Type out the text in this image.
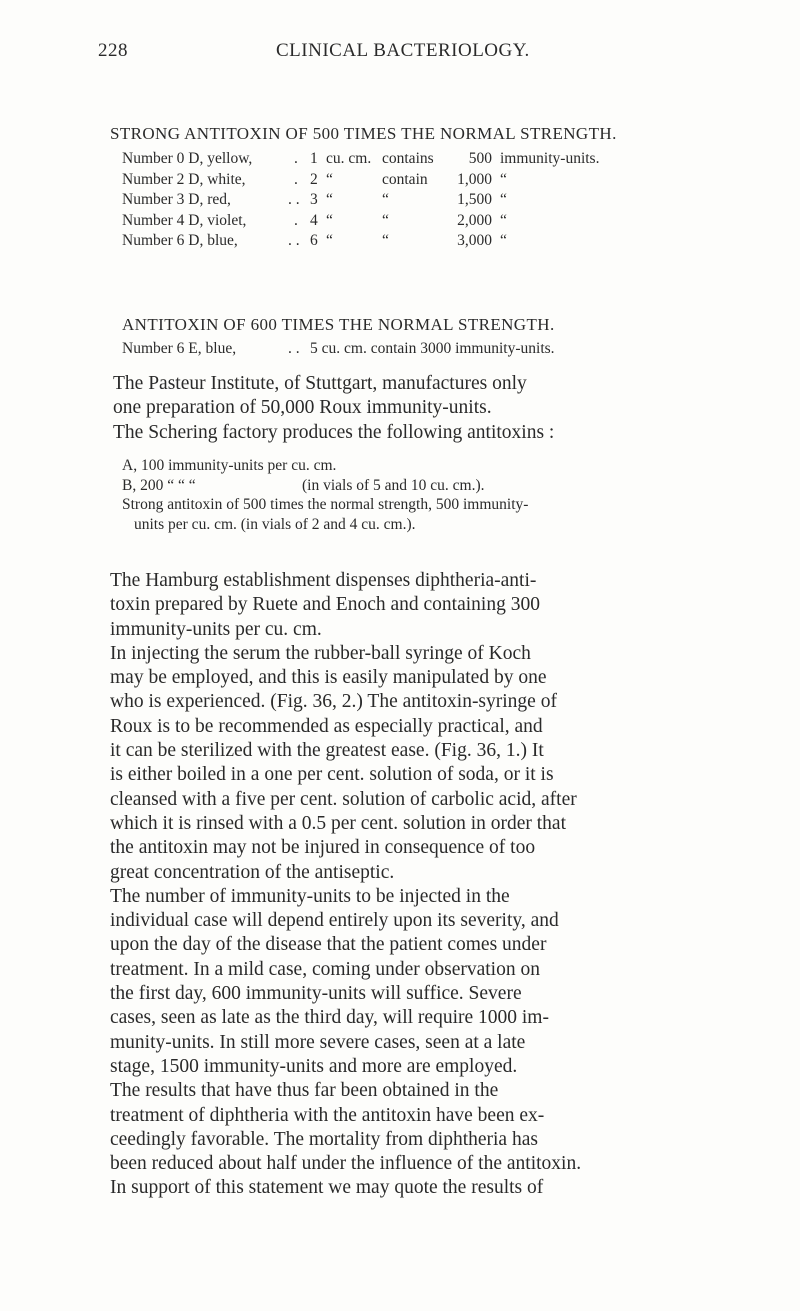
228	CLINICAL BACTERIOLOGY.
STRONG ANTITOXIN OF 500 TIMES THE NORMAL STRENGTH.
Number 0 D, yellow,	. 1 cu. cm. contains	500 immunity-units.
Number 2 D, white,	. 2 “	contain	1,000 “
Number 3 D, red,	. . 3 “	“	1,500 “
Number 4 D, violet,	. 4 “	“	2,000 “
Number 6 D, blue,	. . 6 “	“	3,000 “
ANTITOXIN OF 600 TIMES THE NORMAL STRENGTH.
Number 6 E, blue,	. . 5 cu. cm. contain 3000 immunity-units.

The Pasteur Institute, of Stuttgart, manufactures only

one preparation of 50,000 Roux immunity-units.

The Schering factory produces the following antitoxins :

A, 100 immunity-units per cu. cm.

B, 200 “ “ “	(in vials of 5 and 10 cu. cm.).

Strong antitoxin of 500 times the normal strength, 500 immunity-

units per cu. cm. (in vials of 2 and 4 cu. cm.).

The Hamburg establishment dispenses diphtheria-anti-

toxin prepared by Ruete and Enoch and containing 300

immunity-units per cu. cm.

In injecting the serum the rubber-ball syringe of Koch

may be employed, and this is easily manipulated by one

who is experienced. (Fig. 36, 2.) The antitoxin-syringe of

Roux is to be recommended as especially practical, and

it can be sterilized with the greatest ease. (Fig. 36, 1.) It

is either boiled in a one per cent. solution of soda, or it is

cleansed with a five per cent. solution of carbolic acid, after

which it is rinsed with a 0.5 per cent. solution in order that

the antitoxin may not be injured in consequence of too

great concentration of the antiseptic.

The number of immunity-units to be injected in the

individual case will depend entirely upon its severity, and

upon the day of the disease that the patient comes under

treatment. In a mild case, coming under observation on

the first day, 600 immunity-units will suffice. Severe

cases, seen as late as the third day, will require 1000 im-

munity-units. In still more severe cases, seen at a late

stage, 1500 immunity-units and more are employed.

The results that have thus far been obtained in the

treatment of diphtheria with the antitoxin have been ex-

ceedingly favorable. The mortality from diphtheria has

been reduced about half under the influence of the antitoxin.

In support of this statement we may quote the results of
